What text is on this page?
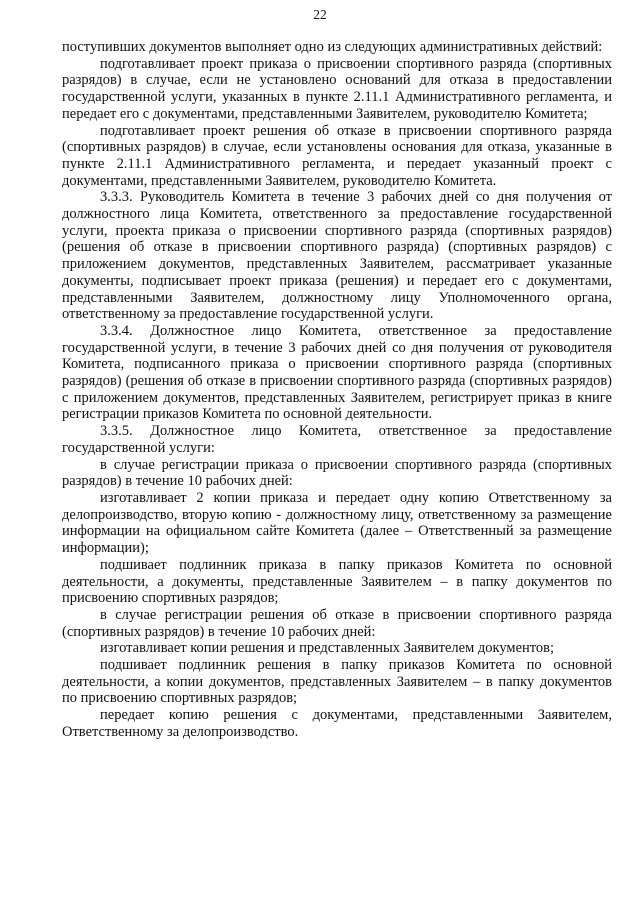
22

поступивших документов выполняет одно из следующих административных действий:

подготавливает проект приказа о присвоении спортивного разряда (спортивных разрядов) в случае, если не установлено оснований для отказа в предоставлении государственной услуги, указанных в пункте 2.11.1 Административного регламента, и передает его с документами, представленными Заявителем, руководителю Комитета;

подготавливает проект решения об отказе в присвоении спортивного разряда (спортивных разрядов) в случае, если установлены основания для отказа, указанные в пункте 2.11.1 Административного регламента, и передает указанный проект с документами, представленными Заявителем, руководителю Комитета.

3.3.3. Руководитель Комитета в течение 3 рабочих дней со дня получения от должностного лица Комитета, ответственного за предоставление государственной услуги, проекта приказа о присвоении спортивного разряда (спортивных разрядов) (решения об отказе в присвоении спортивного разряда) (спортивных разрядов) с приложением документов, представленных Заявителем, рассматривает указанные документы, подписывает проект приказа (решения) и передает его с документами, представленными Заявителем, должностному лицу Уполномоченного органа, ответственному за предоставление государственной услуги.

3.3.4. Должностное лицо Комитета, ответственное за предоставление государственной услуги, в течение 3 рабочих дней со дня получения от руководителя Комитета, подписанного приказа о присвоении спортивного разряда (спортивных разрядов) (решения об отказе в присвоении спортивного разряда (спортивных разрядов) с приложением документов, представленных Заявителем, регистрирует приказ в книге регистрации приказов Комитета по основной деятельности.

3.3.5. Должностное лицо Комитета, ответственное за предоставление государственной услуги:

в случае регистрации приказа о присвоении спортивного разряда (спортивных разрядов) в течение 10 рабочих дней:

изготавливает 2 копии приказа и передает одну копию Ответственному за делопроизводство, вторую копию - должностному лицу, ответственному за размещение информации на официальном сайте Комитета (далее – Ответственный за размещение информации);

подшивает подлинник приказа в папку приказов Комитета по основной деятельности, а документы, представленные Заявителем – в папку документов по присвоению спортивных разрядов;

в случае регистрации решения об отказе в присвоении спортивного разряда (спортивных разрядов) в течение 10 рабочих дней:

изготавливает копии решения и представленных Заявителем документов;

подшивает подлинник решения в папку приказов Комитета по основной деятельности, а копии документов, представленных Заявителем – в папку документов по присвоению спортивных разрядов;

передает копию решения с документами, представленными Заявителем, Ответственному за делопроизводство.
